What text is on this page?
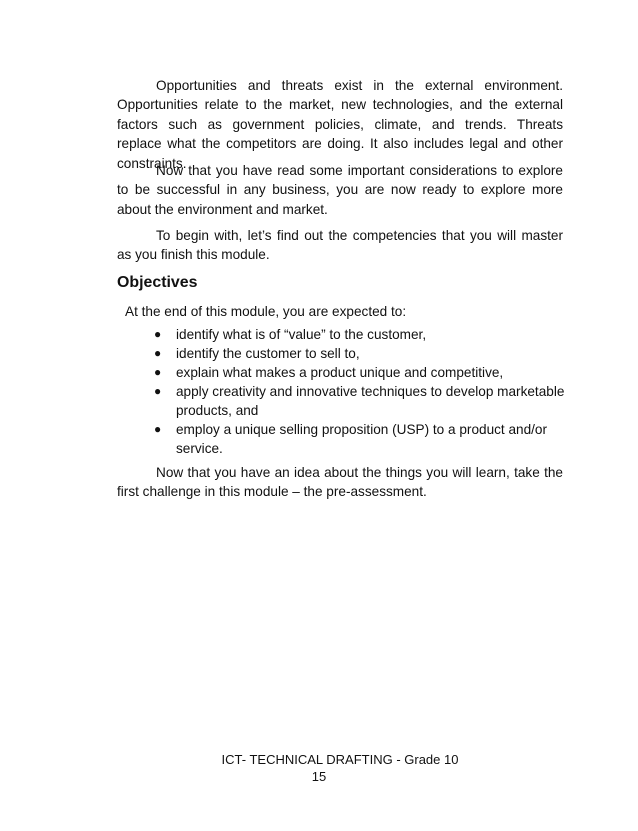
Opportunities and threats exist in the external environment. Opportunities relate to the market, new technologies, and the external factors such as government policies, climate, and trends. Threats replace what the competitors are doing. It also includes legal and other constraints.

Now that you have read some important considerations to explore to be successful in any business, you are now ready to explore more about the environment and market.

To begin with, let’s find out the competencies that you will master as you finish this module.

Objectives

At the end of this module, you are expected to:

● identify what is of “value” to the customer,
● identify the customer to sell to,
● explain what makes a product unique and competitive,
● apply creativity and innovative techniques to develop marketable products, and
● employ a unique selling proposition (USP) to a product and/or service.

Now that you have an idea about the things you will learn, take the first challenge in this module – the pre-assessment.

ICT- TECHNICAL DRAFTING - Grade 10
15
